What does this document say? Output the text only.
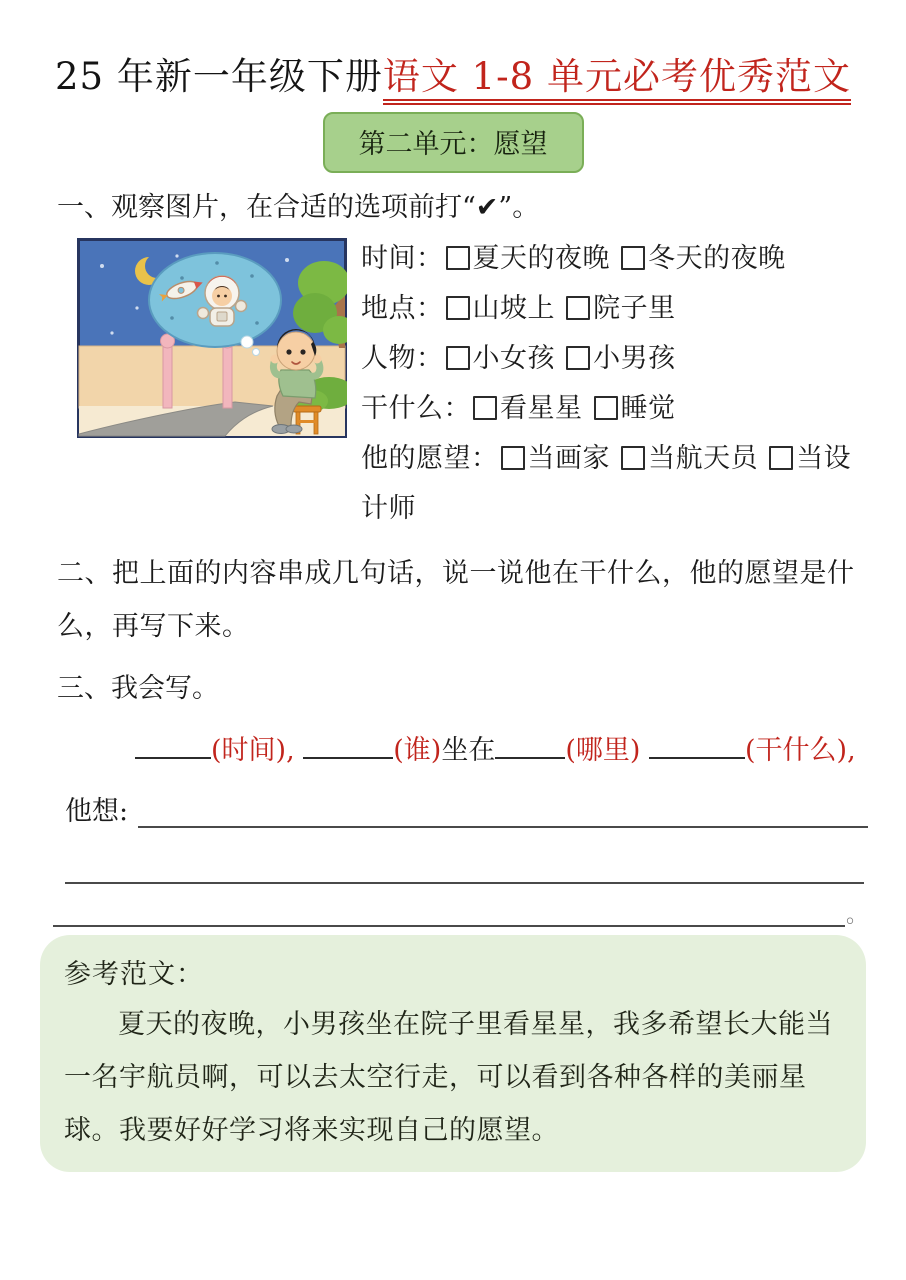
25 年新一年级下册语文 1-8 单元必考优秀范文
第二单元：愿望
一、观察图片，在合适的选项前打“✔”。
时间： 夏天的夜晚 冬天的夜晚
地点： 山坡上 院子里
人物： 小女孩 小男孩
干什么： 看星星 睡觉
他的愿望： 当画家 当航天员 当设
计师
二、把上面的内容串成几句话，说一说他在干什么，他的愿望是什么，再写下来。
三、我会写。
(时间),	(谁)坐在	(哪里)	(干什么),
他想:
。
参考范文：
夏天的夜晚，小男孩坐在院子里看星星，我多希望长大能当一名宇航员啊，可以去太空行走，可以看到各种各样的美丽星球。我要好好学习将来实现自己的愿望。
